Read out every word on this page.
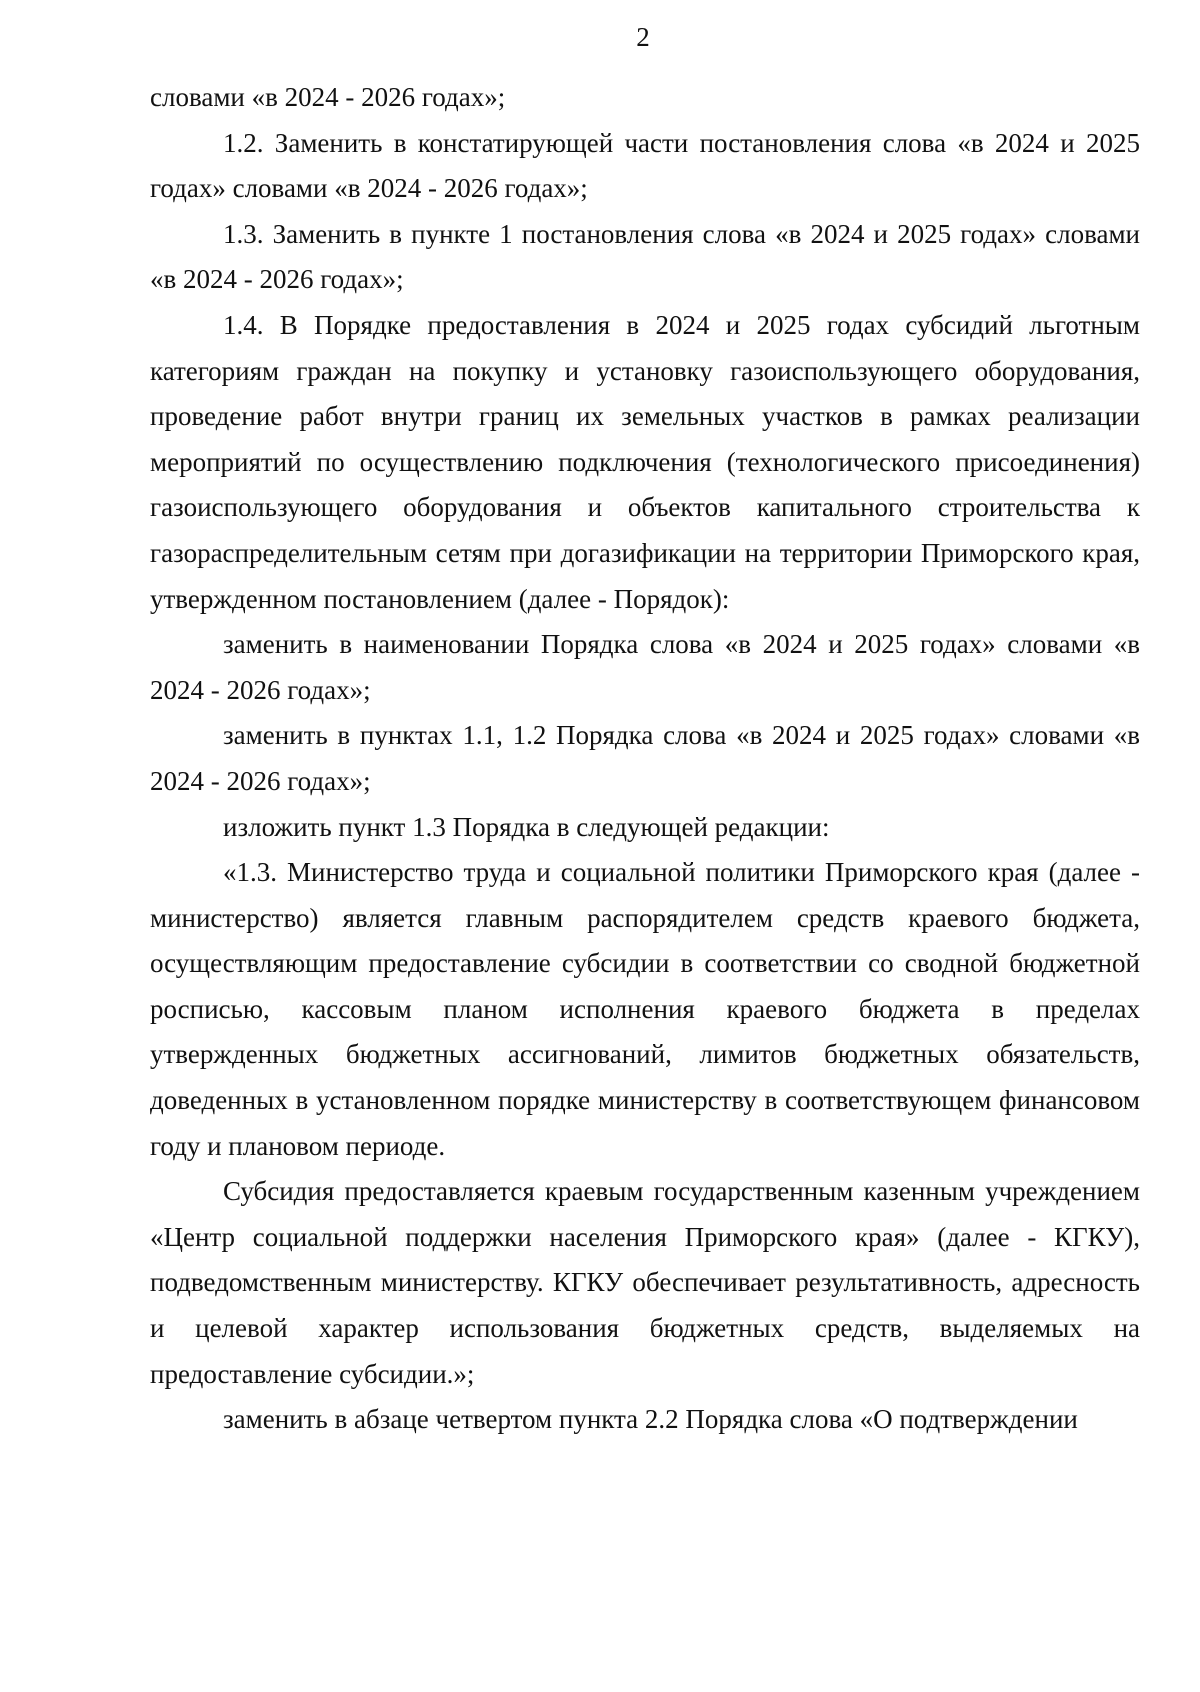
2

словами «в 2024 - 2026 годах»;

1.2. Заменить в констатирующей части постановления слова «в 2024 и 2025 годах» словами «в 2024 - 2026 годах»;

1.3. Заменить в пункте 1 постановления слова «в 2024 и 2025 годах» словами «в 2024 - 2026 годах»;

1.4. В Порядке предоставления в 2024 и 2025 годах субсидий льготным категориям граждан на покупку и установку газоиспользующего оборудования, проведение работ внутри границ их земельных участков в рамках реализации мероприятий по осуществлению подключения (технологического присоединения) газоиспользующего оборудования и объектов капитального строительства к газораспределительным сетям при догазификации на территории Приморского края, утвержденном постановлением (далее - Порядок):

заменить в наименовании Порядка слова «в 2024 и 2025 годах» словами «в 2024 - 2026 годах»;

заменить в пунктах 1.1, 1.2 Порядка слова «в 2024 и 2025 годах» словами «в 2024 - 2026 годах»;

изложить пункт 1.3 Порядка в следующей редакции:

«1.3. Министерство труда и социальной политики Приморского края (далее - министерство) является главным распорядителем средств краевого бюджета, осуществляющим предоставление субсидии в соответствии со сводной бюджетной росписью, кассовым планом исполнения краевого бюджета в пределах утвержденных бюджетных ассигнований, лимитов бюджетных обязательств, доведенных в установленном порядке министерству в соответствующем финансовом году и плановом периоде.

Субсидия предоставляется краевым государственным казенным учреждением «Центр социальной поддержки населения Приморского края» (далее - КГКУ), подведомственным министерству. КГКУ обеспечивает результативность, адресность и целевой характер использования бюджетных средств, выделяемых на предоставление субсидии.»;

заменить в абзаце четвертом пункта 2.2 Порядка слова «О подтверждении
